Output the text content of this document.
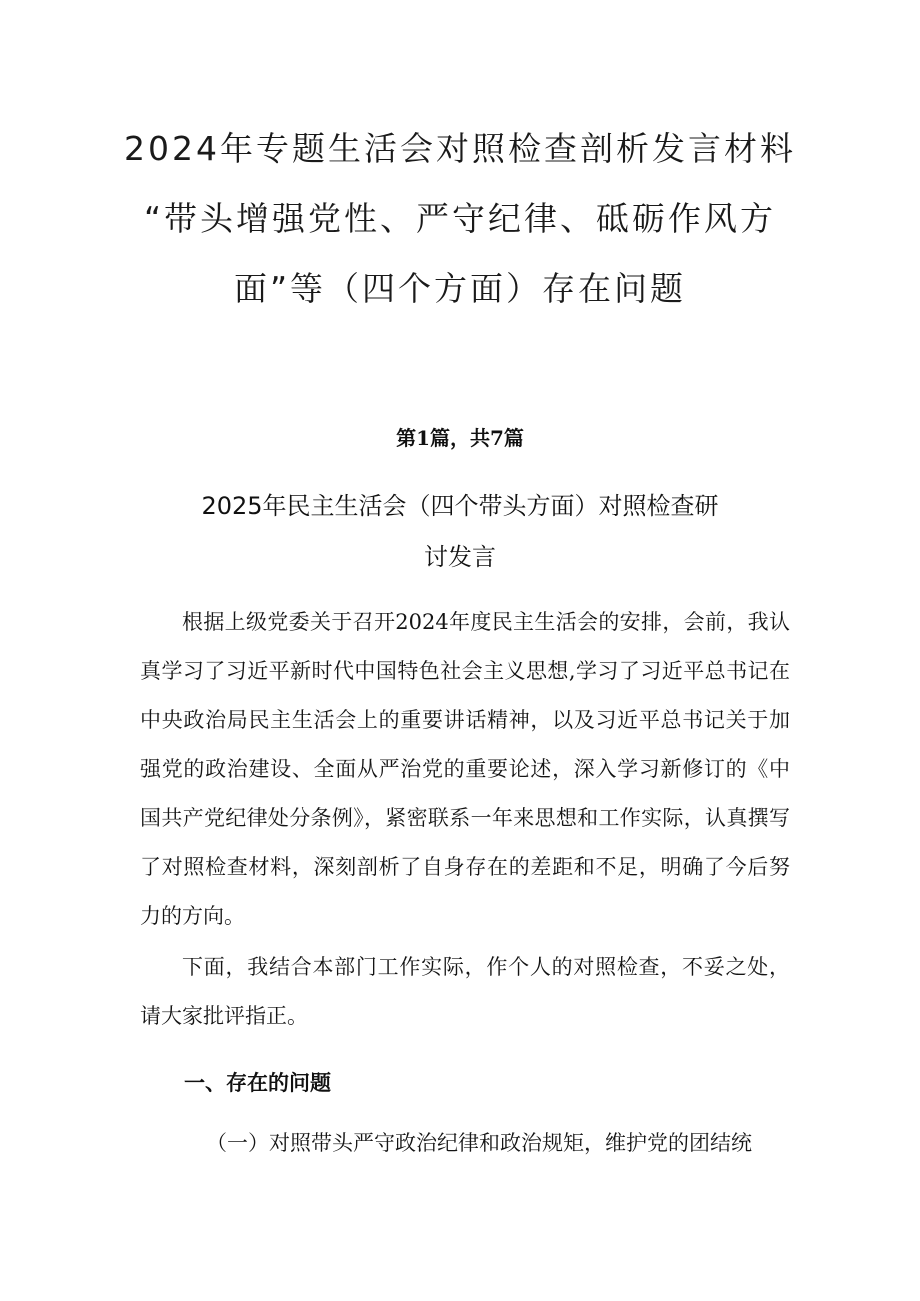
2024年专题生活会对照检查剖析发言材料
“带头增强党性、严守纪律、砥砺作风方
面”等（四个方面）存在问题
第1篇，共7篇
2025年民主生活会（四个带头方面）对照检查研
讨发言

根据上级党委关于召开2024年度民主生活会的安排，会前，我认真学习了习近平新时代中国特色社会主义思想,学习了习近平总书记在中央政治局民主生活会上的重要讲话精神，以及习近平总书记关于加强党的政治建设、全面从严治党的重要论述，深入学习新修订的《中国共产党纪律处分条例》，紧密联系一年来思想和工作实际，认真撰写了对照检查材料，深刻剖析了自身存在的差距和不足，明确了今后努力的方向。

下面，我结合本部门工作实际，作个人的对照检查，不妥之处，请大家批评指正。

一、存在的问题
（一）对照带头严守政治纪律和政治规矩，维护党的团结统
